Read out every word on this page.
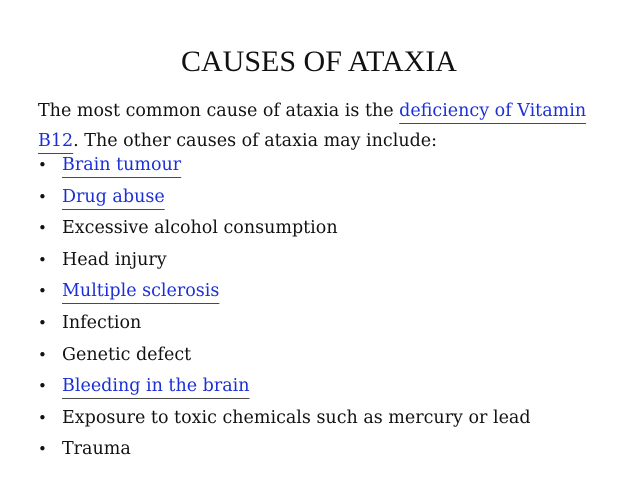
CAUSES OF ATAXIA

The most common cause of ataxia is the deficiency of Vitamin B12. The other causes of ataxia may include:

• Brain tumour
• Drug abuse
• Excessive alcohol consumption
• Head injury
• Multiple sclerosis
• Infection
• Genetic defect
• Bleeding in the brain
• Exposure to toxic chemicals such as mercury or lead
• Trauma
